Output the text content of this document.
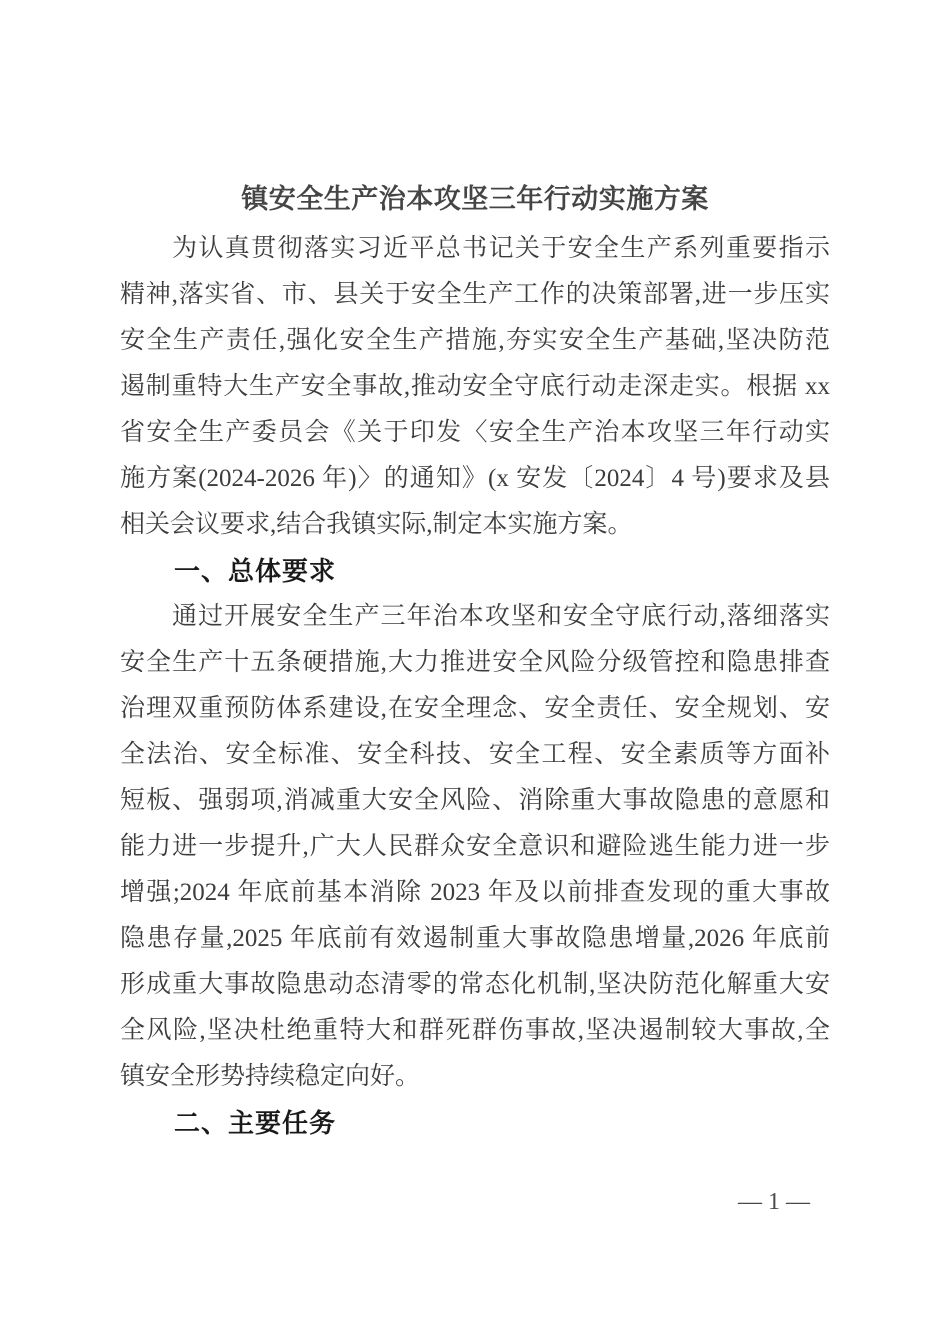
镇安全生产治本攻坚三年行动实施方案
为认真贯彻落实习近平总书记关于安全生产系列重要指示
精神,落实省、市、县关于安全生产工作的决策部署,进一步压实
安全生产责任,强化安全生产措施,夯实安全生产基础,坚决防范
遏制重特大生产安全事故,推动安全守底行动走深走实。根据 xx
省安全生产委员会《关于印发〈安全生产治本攻坚三年行动实
施方案(2024-2026 年)〉的通知》(x 安发〔2024〕4 号)要求及县
相关会议要求,结合我镇实际,制定本实施方案。
一、总体要求
通过开展安全生产三年治本攻坚和安全守底行动,落细落实
安全生产十五条硬措施,大力推进安全风险分级管控和隐患排查
治理双重预防体系建设,在安全理念、安全责任、安全规划、安
全法治、安全标准、安全科技、安全工程、安全素质等方面补
短板、强弱项,消减重大安全风险、消除重大事故隐患的意愿和
能力进一步提升,广大人民群众安全意识和避险逃生能力进一步
增强;2024 年底前基本消除 2023 年及以前排查发现的重大事故
隐患存量,2025 年底前有效遏制重大事故隐患增量,2026 年底前
形成重大事故隐患动态清零的常态化机制,坚决防范化解重大安
全风险,坚决杜绝重特大和群死群伤事故,坚决遏制较大事故,全
镇安全形势持续稳定向好。
二、主要任务
— 1 —
